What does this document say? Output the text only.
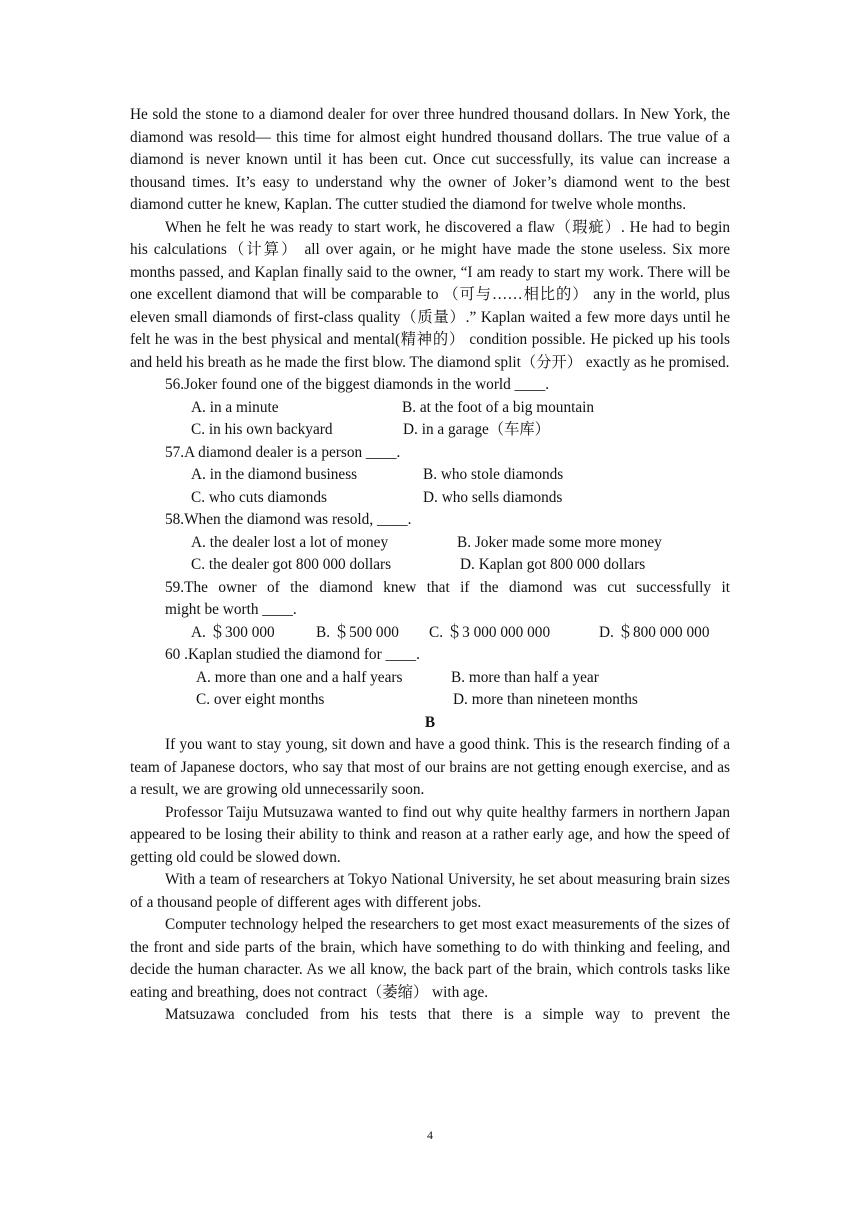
He sold the stone to a diamond dealer for over three hundred thousand dollars. In New York, the diamond was resold— this time for almost eight hundred thousand dollars. The true value of a diamond is never known until it has been cut. Once cut successfully, its value can increase a thousand times. It’s easy to understand why the owner of Joker’s diamond went to the best diamond cutter he knew, Kaplan. The cutter studied the diamond for twelve whole months.

When he felt he was ready to start work, he discovered a flaw（瑕疵）. He had to begin his calculations（计算） all over again, or he might have made the stone useless. Six more months passed, and Kaplan finally said to the owner, “I am ready to start my work. There will be one excellent diamond that will be comparable to （可与……相比的） any in the world, plus eleven small diamonds of first-class quality（质量）.” Kaplan waited a few more days until he felt he was in the best physical and mental(精神的） condition possible. He picked up his tools and held his breath as he made the first blow. The diamond split（分开） exactly as he promised.

56.Joker found one of the biggest diamonds in the world ____.

A. in a minute	B. at the foot of a big mountain
C. in his own backyard	D. in a garage（车库）

57.A diamond dealer is a person ____.

A. in the diamond business	B. who stole diamonds
C. who cuts diamonds	D. who sells diamonds

58.When the diamond was resold, ____.

A. the dealer lost a lot of money	B. Joker made some more money
C. the dealer got 800 000 dollars	D. Kaplan got 800 000 dollars

59.The owner of the diamond knew that if the diamond was cut successfully it

might be worth ____.

A. ＄300 000	B. ＄500 000 C. ＄3 000 000 000	D. ＄800 000 000

60 .Kaplan studied the diamond for ____.

A. more than one and a half years	B. more than half a year
C. over eight months	D. more than nineteen months

B

If you want to stay young, sit down and have a good think. This is the research finding of a team of Japanese doctors, who say that most of our brains are not getting enough exercise, and as a result, we are growing old unnecessarily soon.

Professor Taiju Mutsuzawa wanted to find out why quite healthy farmers in northern Japan appeared to be losing their ability to think and reason at a rather early age, and how the speed of getting old could be slowed down.

With a team of researchers at Tokyo National University, he set about measuring brain sizes of a thousand people of different ages with different jobs.

Computer technology helped the researchers to get most exact measurements of the sizes of the front and side parts of the brain, which have something to do with thinking and feeling, and decide the human character. As we all know, the back part of the brain, which controls tasks like eating and breathing, does not contract（萎缩） with age.

Matsuzawa concluded from his tests that there is a simple way to prevent the

4
